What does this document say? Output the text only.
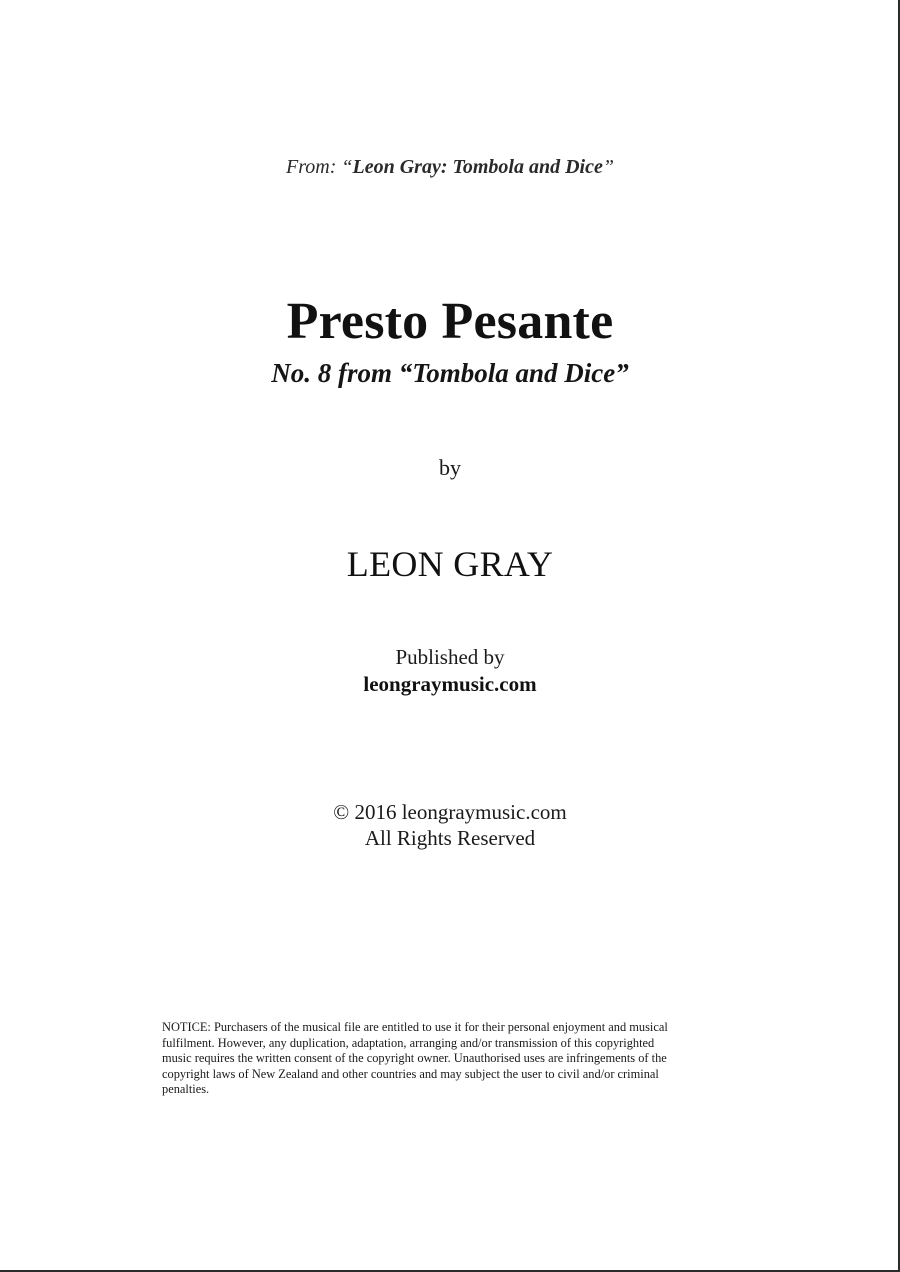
From: “Leon Gray: Tombola and Dice”
Presto Pesante
No. 8 from “Tombola and Dice”
by
LEON GRAY
Published by
leongraymusic.com
© 2016 leongraymusic.com
All Rights Reserved
NOTICE: Purchasers of the musical file are entitled to use it for their personal enjoyment and musical
fulfilment. However, any duplication, adaptation, arranging and/or transmission of this copyrighted
music requires the written consent of the copyright owner. Unauthorised uses are infringements of the
copyright laws of New Zealand and other countries and may subject the user to civil and/or criminal
penalties.
